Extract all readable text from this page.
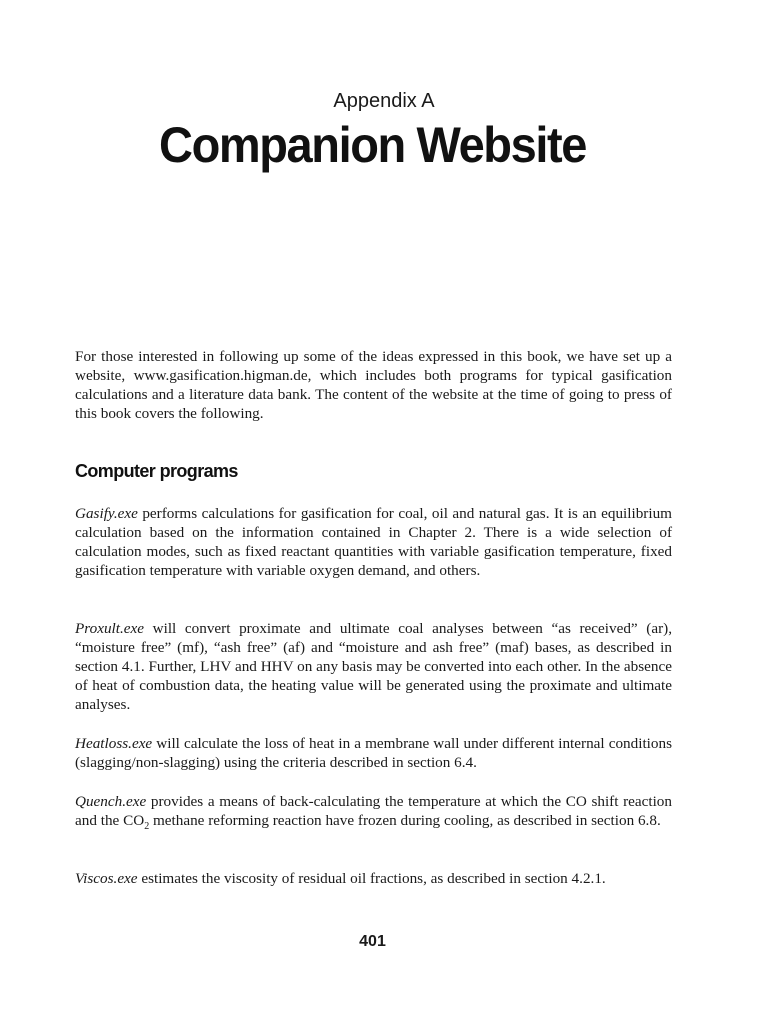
Appendix A
Companion Website

For those interested in following up some of the ideas expressed in this book, we have set up a website, www.gasification.higman.de, which includes both programs for typical gasification calculations and a literature data bank. The content of the website at the time of going to press of this book covers the following.

Computer programs

Gasify.exe performs calculations for gasification for coal, oil and natural gas. It is an equilibrium calculation based on the information contained in Chapter 2. There is a wide selection of calculation modes, such as fixed reactant quantities with variable gasification temperature, fixed gasification temperature with variable oxygen demand, and others.

Proxult.exe will convert proximate and ultimate coal analyses between “as received” (ar), “moisture free” (mf), “ash free” (af) and “moisture and ash free” (maf) bases, as described in section 4.1. Further, LHV and HHV on any basis may be converted into each other. In the absence of heat of combustion data, the heating value will be generated using the proximate and ultimate analyses.

Heatloss.exe will calculate the loss of heat in a membrane wall under different internal conditions (slagging/non-slagging) using the criteria described in section 6.4.

Quench.exe provides a means of back-calculating the temperature at which the CO shift reaction and the $CO_2$ methane reforming reaction have frozen during cooling, as described in section 6.8.

Viscos.exe estimates the viscosity of residual oil fractions, as described in section 4.2.1.

401
